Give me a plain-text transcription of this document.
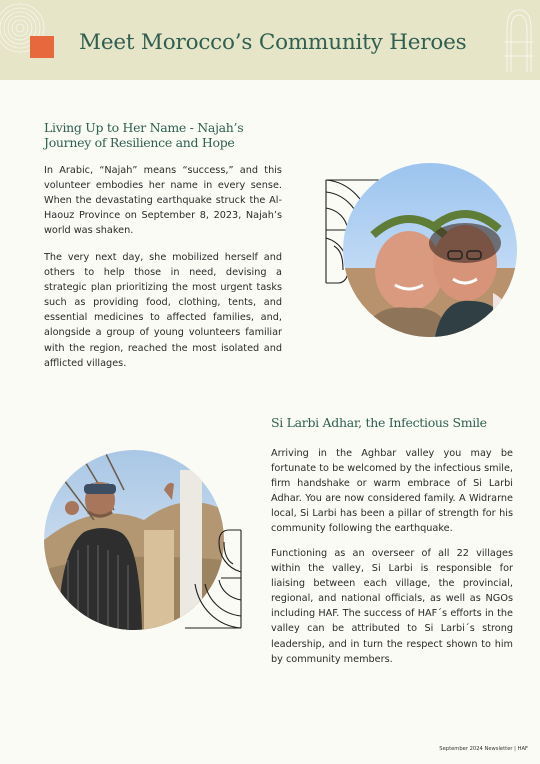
Meet Morocco’s Community Heroes
Living Up to Her Name - Najah’s Journey of Resilience and Hope

In Arabic, “Najah” means “success,” and this volunteer embodies her name in every sense. When the devastating earthquake struck the Al-Haouz Province on September 8, 2023, Najah’s world was shaken.

The very next day, she mobilized herself and others to help those in need, devising a strategic plan prioritizing the most urgent tasks such as providing food, clothing, tents, and essential medicines to affected families, and, alongside a group of young volunteers familiar with the region, reached the most isolated and afflicted villages.

Si Larbi Adhar, the Infectious Smile

Arriving in the Aghbar valley you may be fortunate to be welcomed by the infectious smile, firm handshake or warm embrace of Si Larbi Adhar. You are now considered family. A Widrarne local, Si Larbi has been a pillar of strength for his community following the earthquake.

Functioning as an overseer of all 22 villages within the valley, Si Larbi is responsible for liaising between each village, the provincial, regional, and national officials, as well as NGOs including HAF. The success of HAF´s efforts in the valley can be attributed to Si Larbi´s strong leadership, and in turn the respect shown to him by community members.

September 2024 Newsletter | HAF
